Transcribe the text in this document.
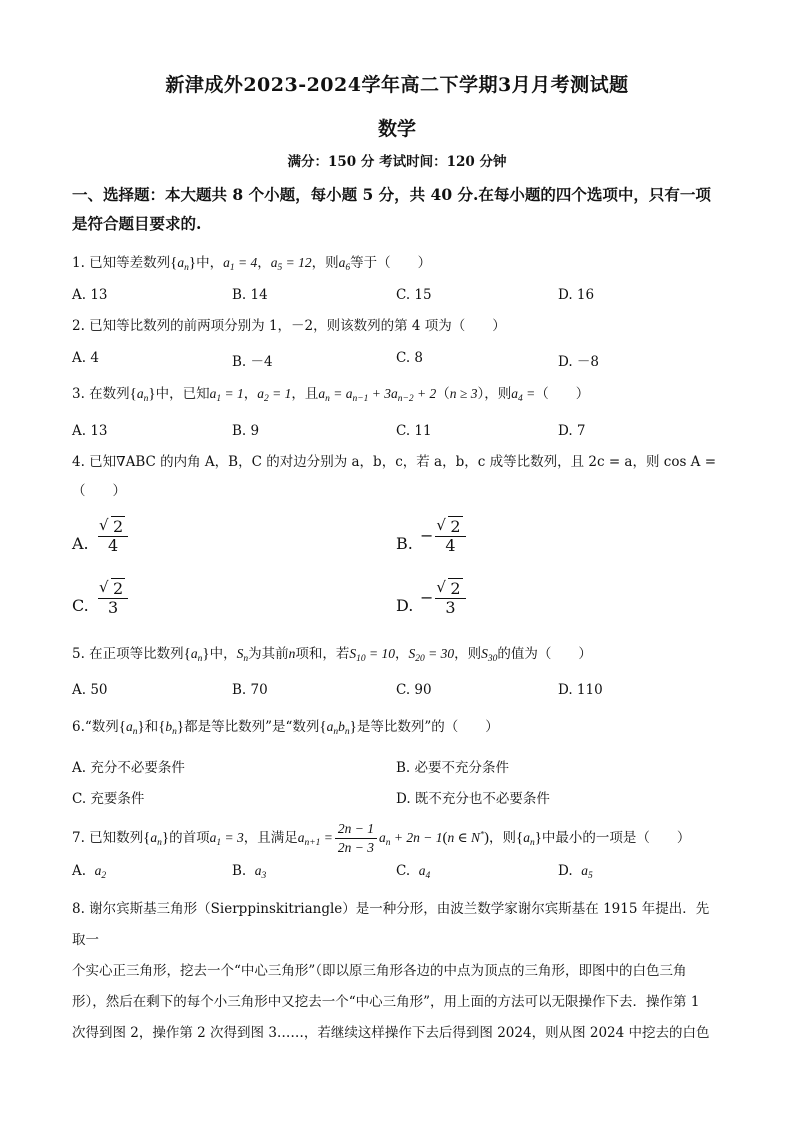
新津成外2023-2024学年高二下学期3月月考测试题
数学
满分：150 分 考试时间：120 分钟
一、选择题：本大题共 8 个小题，每小题 5 分，共 40 分.在每小题的四个选项中，只有一项
是符合题目要求的.
1. 已知等差数列$\{a_n\}$中，$a_1 = 4$，$a_5 = 12$，则$a_6$等于（　　）
A. 13	B. 14	C. 15	D. 16
2. 已知等比数列的前两项分别为 1，－2，则该数列的第 4 项为（　　）
A. 4	B. －4	C. 8	D. －8
3. 在数列$\{a_n\}$中，已知$a_1 = 1$，$a_2 = 1$，且$a_n = a_{n-1} + 3a_{n-2} + 2(n \ge 3)$，则$a_4$ =（　　）
A. 13	B. 9	C. 11	D. 7
4. 已知∇ABC 的内角 A，B，C 的对边分别为 a，b，c，若 a，b，c 成等比数列，且 2c = a，则 cos A =
（　　）
A. √ $\frac{2}{4}$	B. − √ $\frac{2}{4}$
C. √ $\frac{2}{3}$	D. − √ $\frac{2}{3}$
5. 在正项等比数列$\{a_n\}$中，$S_n$为其前n项和，若$S_{10} = 10$，$S_{20} = 30$，则$S_{30}$的值为（　　）
A. 50	B. 70	C. 90	D. 110
6.“数列$\{a_n\}$和$\{b_n\}$都是等比数列”是“数列$\{a_nb_n\}$是等比数列”的（　　）
A. 充分不必要条件	B. 必要不充分条件
C. 充要条件	D. 既不充分也不必要条件
7. 已知数列$\{a_n\}$的首项$a_1 = 3$，且满足$a_{n+1} = \frac{2n - 1}{2n - 3} a_n + 2n - 1(n$ ∈ N*)，则$\{a_n\}$中最小的一项是（　　）
A.  $a_2$	B.  $a_3$	C.  $a_4$	D.  $a_5$
8. 谢尔宾斯基三角形（Sierppinskitriangle）是一种分形，由波兰数学家谢尔宾斯基在 1915 年提出．先取一
个实心正三角形，挖去一个“中心三角形”（即以原三角形各边的中点为顶点的三角形，即图中的白色三角
形），然后在剩下的每个小三角形中又挖去一个“中心三角形”，用上面的方法可以无限操作下去．操作第 1
次得到图 2，操作第 2 次得到图 3……，若继续这样操作下去后得到图 2024，则从图 2024 中挖去的白色
